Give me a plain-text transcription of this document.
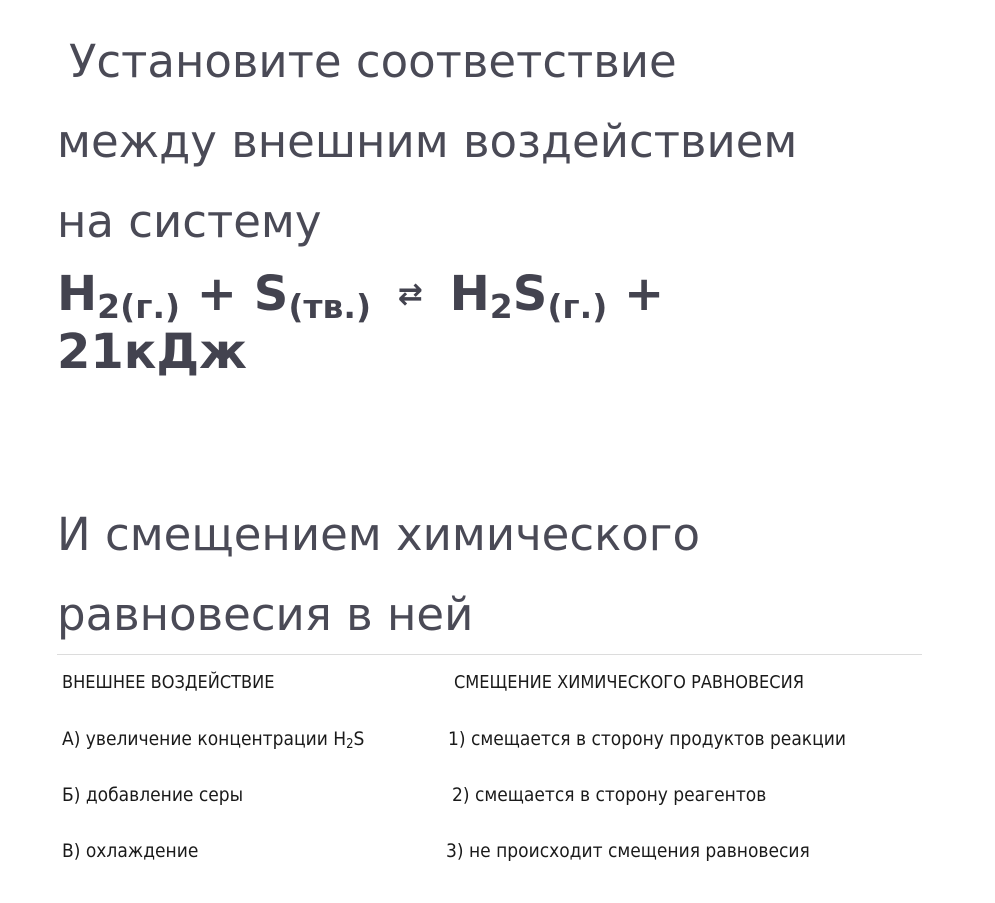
Установите соответствие
между внешним воздействием
на систему
$H_{2(г.)} + S_{(тв.)}$ ⇄ $H_2S_{(г.)}$ +
21кДж
И смещением химического
равновесия в ней
ВНЕШНЕЕ ВОЗДЕЙСТВИЕ	СМЕЩЕНИЕ ХИМИЧЕСКОГО РАВНОВЕСИЯ
А) увеличение концентрации H2S	1) смещается в сторону продуктов реакции
Б) добавление серы	2) смещается в сторону реагентов
В) охлаждение	3) не происходит смещения равновесия
